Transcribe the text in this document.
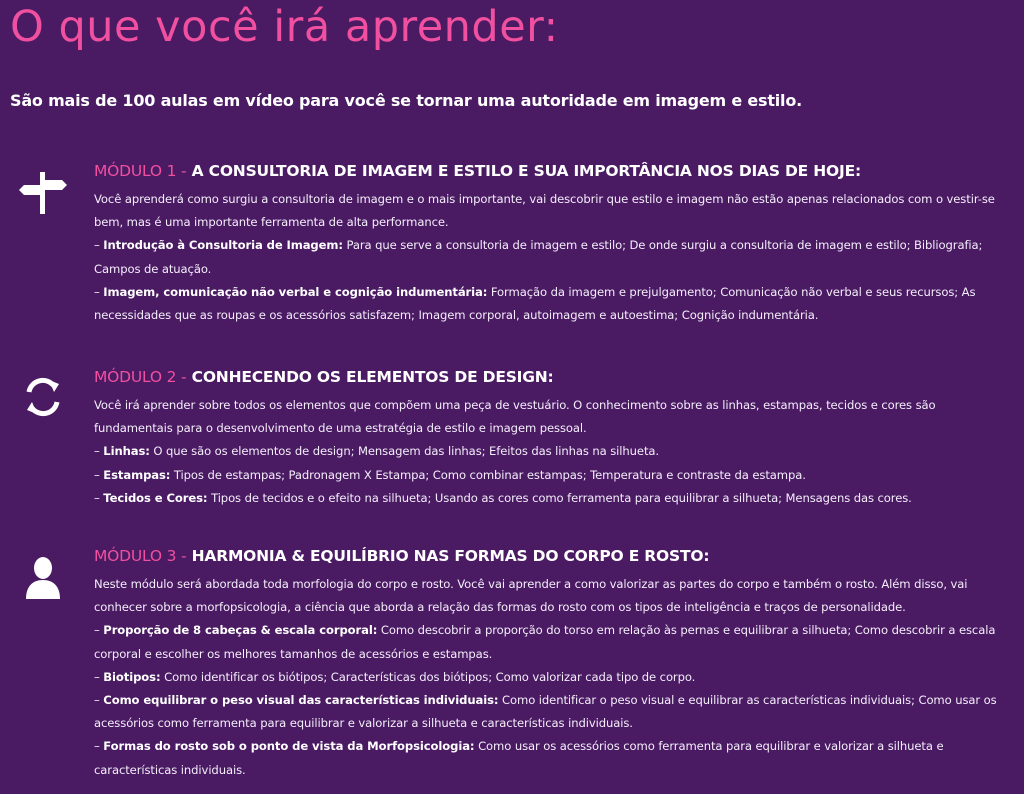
O que você irá aprender:

São mais de 100 aulas em vídeo para você se tornar uma autoridade em imagem e estilo.

MÓDULO 1 - A CONSULTORIA DE IMAGEM E ESTILO E SUA IMPORTÂNCIA NOS DIAS DE HOJE:

Você aprenderá como surgiu a consultoria de imagem e o mais importante, vai descobrir que estilo e imagem não estão apenas relacionados com o vestir-se bem, mas é uma importante ferramenta de alta performance.

– Introdução à Consultoria de Imagem: Para que serve a consultoria de imagem e estilo; De onde surgiu a consultoria de imagem e estilo; Bibliografia; Campos de atuação.

– Imagem, comunicação não verbal e cognição indumentária: Formação da imagem e prejulgamento; Comunicação não verbal e seus recursos; As necessidades que as roupas e os acessórios satisfazem; Imagem corporal, autoimagem e autoestima; Cognição indumentária.

MÓDULO 2 - CONHECENDO OS ELEMENTOS DE DESIGN:

Você irá aprender sobre todos os elementos que compõem uma peça de vestuário. O conhecimento sobre as linhas, estampas, tecidos e cores são fundamentais para o desenvolvimento de uma estratégia de estilo e imagem pessoal.

– Linhas: O que são os elementos de design; Mensagem das linhas; Efeitos das linhas na silhueta.

– Estampas: Tipos de estampas; Padronagem X Estampa; Como combinar estampas; Temperatura e contraste da estampa.

– Tecidos e Cores: Tipos de tecidos e o efeito na silhueta; Usando as cores como ferramenta para equilibrar a silhueta; Mensagens das cores.

MÓDULO 3 - HARMONIA & EQUILÍBRIO NAS FORMAS DO CORPO E ROSTO:

Neste módulo será abordada toda morfologia do corpo e rosto. Você vai aprender a como valorizar as partes do corpo e também o rosto. Além disso, vai conhecer sobre a morfopsicologia, a ciência que aborda a relação das formas do rosto com os tipos de inteligência e traços de personalidade.

– Proporção de 8 cabeças & escala corporal: Como descobrir a proporção do torso em relação às pernas e equilibrar a silhueta; Como descobrir a escala corporal e escolher os melhores tamanhos de acessórios e estampas.

– Biotipos: Como identificar os biótipos; Características dos biótipos; Como valorizar cada tipo de corpo.

– Como equilibrar o peso visual das características individuais: Como identificar o peso visual e equilibrar as características individuais; Como usar os acessórios como ferramenta para equilibrar e valorizar a silhueta e características individuais.

– Formas do rosto sob o ponto de vista da Morfopsicologia: Como usar os acessórios como ferramenta para equilibrar e valorizar a silhueta e características individuais.
